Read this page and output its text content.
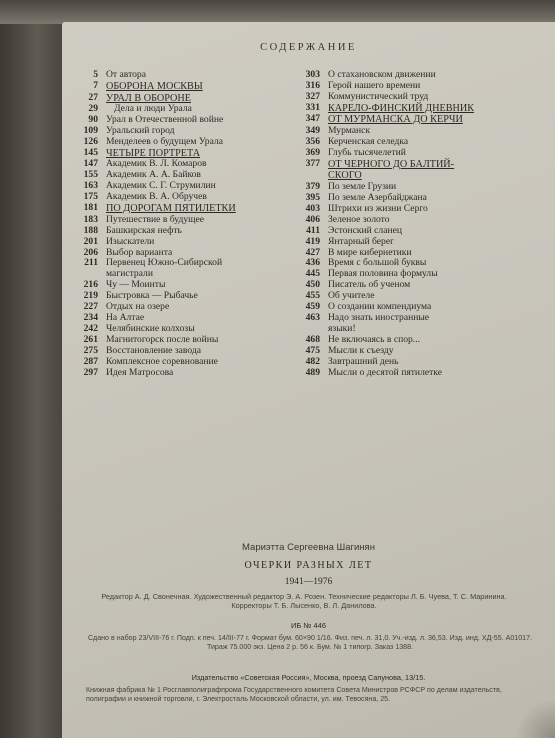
СОДЕРЖАНИЕ
5 От автора
7 ОБОРОНА МОСКВЫ
27 УРАЛ В ОБОРОНЕ
29	Дела и люди Урала
90 Урал в Отечественной войне
109 Уральский город
126 Менделеев о будущем Урала
145 ЧЕТЫРЕ ПОРТРЕТА
147 Академик В. Л. Комаров
155 Академик А. А. Байков
163 Академик С. Г. Струмилин
175 Академик В. А. Обручев
181 ПО ДОРОГАМ ПЯТИЛЕТКИ
183 Путешествие в будущее
188 Башкирская нефть
201 Изыскатели
206 Выбор варианта
211 Первенец Южно-Сибирской
магистрали
216 Чу — Моинты
219 Быстровка — Рыбачье
227 Отдых на озере
234 На Алтае
242 Челябинские колхозы
261 Магнитогорск после войны
275 Восстановление завода
287 Комплексное соревнование
297 Идея Матросова
303 О стахановском движении
316 Герой нашего времени
327 Коммунистический труд
331 КАРЕЛО-ФИНСКИЙ ДНЕВНИК
347 ОТ МУРМАНСКА ДО КЕРЧИ
349 Мурманск
356 Керченская селедка
369 Глубь тысячелетий
377 ОТ ЧЕРНОГО ДО БАЛТИЙ-
СКОГО
379 По земле Грузии
395 По земле Азербайджана
403 Штрихи из жизни Серго
406 Зеленое золото
411 Эстонский сланец
419 Янтарный берег
427 В мире кибернетики
436 Время с большой буквы
445 Первая половина формулы
450 Писатель об ученом
455 Об учителе
459 О создании компендиума
463 Надо знать иностранные
языки!
468 Не включаясь в спор...
475 Мысли к съезду
482 Завтрашний день
489 Мысли о десятой пятилетке
Мариэтта Сергеевна Шагинян
ОЧЕРКИ РАЗНЫХ ЛЕТ
1941—1976
Редактор А. Д. Свонечная. Художественный редактор Э. А. Розен. Технические редакторы Л. Б. Чуева, Т. С. Маринина. Корректоры Т. Б. Лысенко, В. Л. Данилова.
ИБ № 446
Сдано в набор 23/VIII-76 г. Подп. к печ. 14/III-77 г. Формат бум. 60×90 1/16. Физ. печ. л. 31,0. Уч.-изд. л. 36,53. Изд. инд. ХД-55. А01017. Тираж 75.000 экз. Цена 2 р. 56 к. Бум. № 1 типогр. Заказ 1388.
Издательство «Советская Россия», Москва, проезд Сапунова, 13/15.
Книжная фабрика № 1 Росглавполиграфпрома Государственного комитета Совета Министров РСФСР по делам издательств, полиграфии и книжной торговли, г. Электросталь Московской области, ул. им. Тевосяна, 25.
